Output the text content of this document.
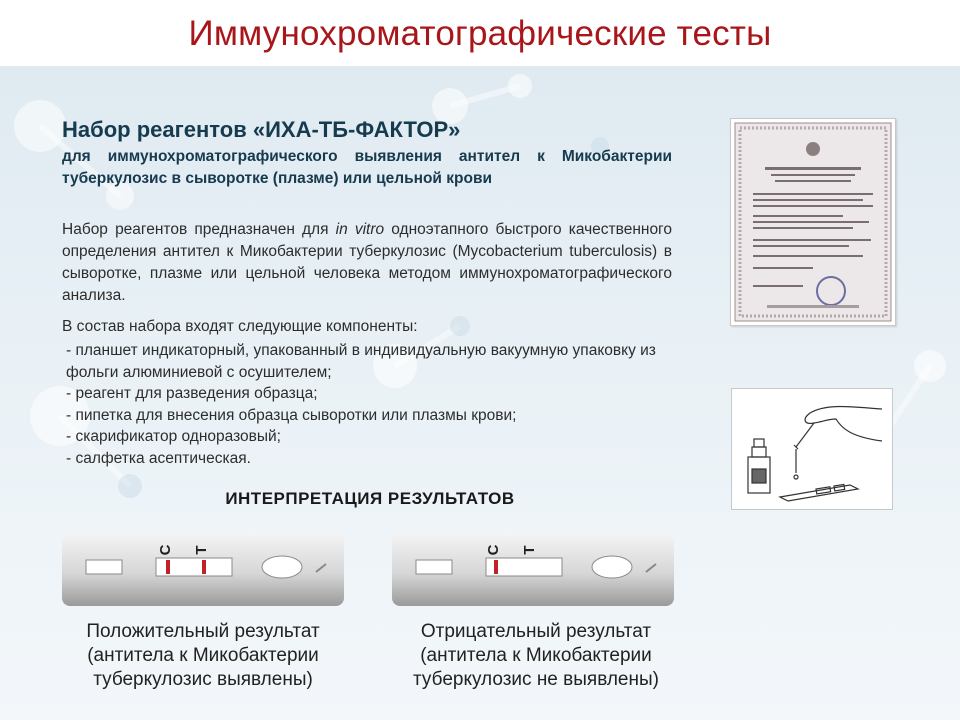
Иммунохроматографические тесты
Набор реагентов «ИХА-ТБ-ФАКТОР»
для иммунохроматографического выявления антител к Микобактерии туберкулозис в сыворотке (плазме) или цельной крови
Набор реагентов предназначен для in vitro одноэтапного быстрого качественного определения антител к Микобактерии туберкулозис (Mycobacterium tuberculosis) в сыворотке, плазме или цельной человека методом иммунохроматографического анализа.
В состав набора входят следующие компоненты:
- планшет индикаторный, упакованный в индивидуальную вакуумную упаковку из фольги алюминиевой с осушителем;
- реагент для разведения образца;
- пипетка для внесения образца сыворотки или плазмы крови;
- скарификатор одноразовый;
- салфетка асептическая.
ИНТЕРПРЕТАЦИЯ РЕЗУЛЬТАТОВ
C T	C T
Положительный результат
(антитела к Микобактерии
туберкулозис выявлены)
Отрицательный результат
(антитела к Микобактерии
туберкулозис не выявлены)
